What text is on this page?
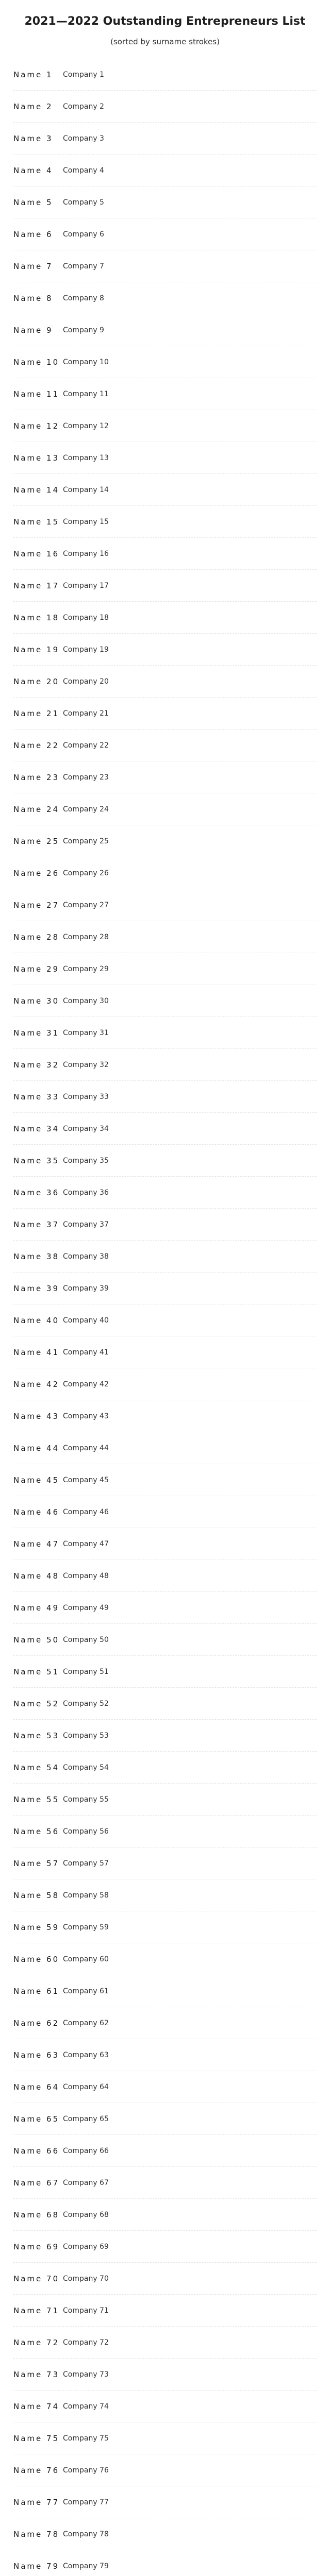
2021—2022 Outstanding Entrepreneurs List
(sorted by surname strokes)
Name 1	Company 1
Name 2	Company 2
Name 3	Company 3
Name 4	Company 4
Name 5	Company 5
Name 6	Company 6
Name 7	Company 7
Name 8	Company 8
Name 9	Company 9
Name 10 Company 10
Name 11 Company 11
Name 12 Company 12
Name 13 Company 13
Name 14 Company 14
Name 15 Company 15
Name 16 Company 16
Name 17 Company 17
Name 18 Company 18
Name 19 Company 19
Name 20 Company 20
Name 21 Company 21
Name 22 Company 22
Name 23 Company 23
Name 24 Company 24
Name 25 Company 25
Name 26 Company 26
Name 27 Company 27
Name 28 Company 28
Name 29 Company 29
Name 30 Company 30
Name 31 Company 31
Name 32 Company 32
Name 33 Company 33
Name 34 Company 34
Name 35 Company 35
Name 36 Company 36
Name 37 Company 37
Name 38 Company 38
Name 39 Company 39
Name 40 Company 40
Name 41 Company 41
Name 42 Company 42
Name 43 Company 43
Name 44 Company 44
Name 45 Company 45
Name 46 Company 46
Name 47 Company 47
Name 48 Company 48
Name 49 Company 49
Name 50 Company 50
Name 51 Company 51
Name 52 Company 52
Name 53 Company 53
Name 54 Company 54
Name 55 Company 55
Name 56 Company 56
Name 57 Company 57
Name 58 Company 58
Name 59 Company 59
Name 60 Company 60
Name 61 Company 61
Name 62 Company 62
Name 63 Company 63
Name 64 Company 64
Name 65 Company 65
Name 66 Company 66
Name 67 Company 67
Name 68 Company 68
Name 69 Company 69
Name 70 Company 70
Name 71 Company 71
Name 72 Company 72
Name 73 Company 73
Name 74 Company 74
Name 75 Company 75
Name 76 Company 76
Name 77 Company 77
Name 78 Company 78
Name 79 Company 79
